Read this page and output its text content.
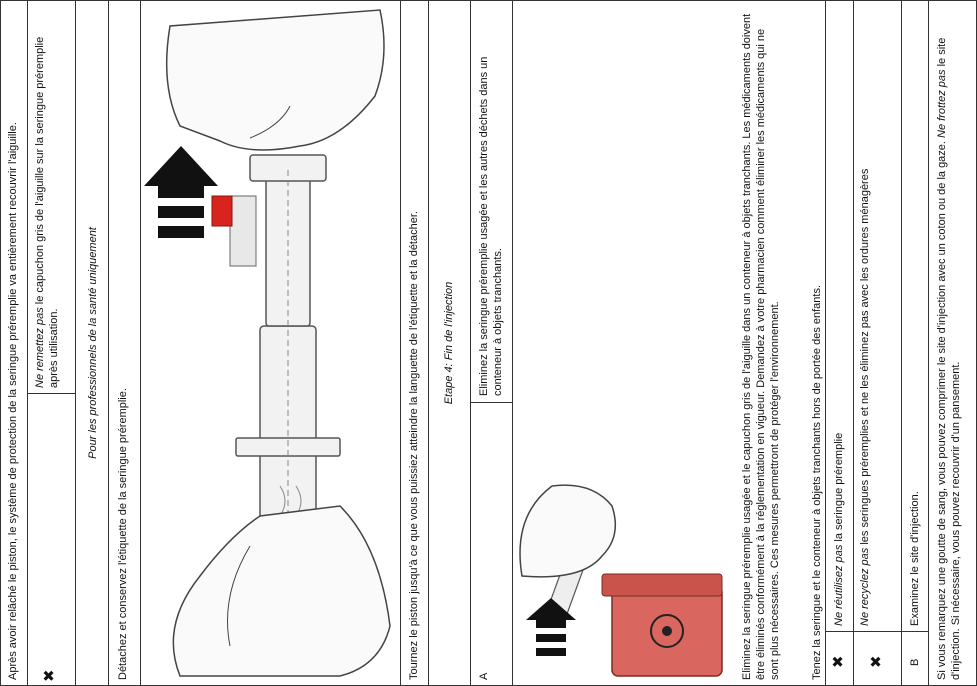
Après avoir relâché le piston, le système de protection de la seringue préremplie va entièrement recouvrir l'aiguille. ✖
Ne remettez pas le capuchon gris de l'aiguille sur la seringue préremplie après utilisation. Pour les professionnels de la santé uniquement
Détachez et conservez l'étiquette de la seringue préremplie.	Tournez le piston jusqu'à ce que vous puissiez atteindre la languette de l'étiquette et la détacher. Etape 4: Fin de l'injection
A
Eliminez la seringue préremplie usagée et les autres déchets dans un conteneur à objets tranchants.	Eliminez la seringue préremplie usagée et le capuchon gris de l'aiguille dans un conteneur à objets tranchants. Les médicaments doivent être éliminés conformément à la réglementation en vigueur. Demandez à votre pharmacien comment éliminer les médicaments qui ne sont plus nécessaires. Ces mesures permettront de protéger l'environnement.	Tenez la seringue et le conteneur à objets tranchants hors de portée des enfants. ✖
Ne réutilisez pas la seringue préremplie
✖
Ne recyclez pas les seringues préremplies et ne les éliminez pas avec les ordures ménagères
B
Examinez le site d'injection. Si vous remarquez une goutte de sang, vous pouvez comprimer le site d'injection avec un coton ou de la gaze. Ne frottez pas le site d'injection. Si nécessaire, vous pouvez recouvrir d'un pansement.
